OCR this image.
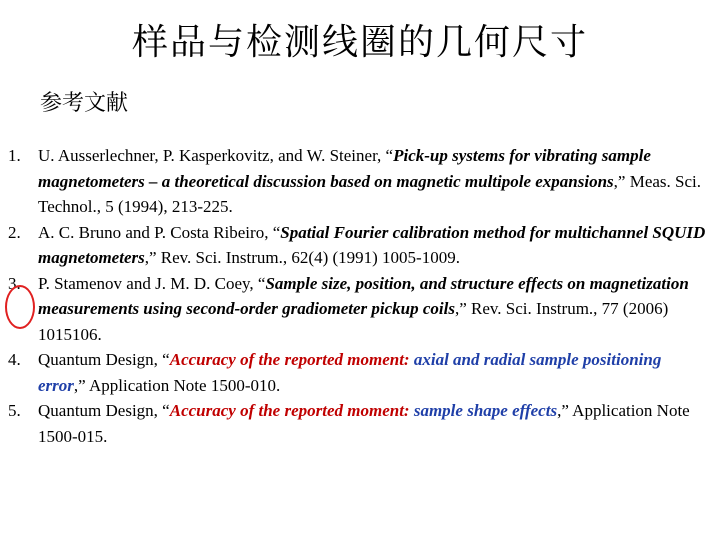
样品与检测线圈的几何尺寸
参考文献
1. U. Ausserlechner, P. Kasperkovitz, and W. Steiner, “Pick-up systems for vibrating sample magnetometers – a theoretical discussion based on magnetic multipole expansions,” Meas. Sci. Technol., 5 (1994), 213-225.
2. A. C. Bruno and P. Costa Ribeiro, “Spatial Fourier calibration method for multichannel SQUID magnetometers,” Rev. Sci. Instrum., 62(4) (1991) 1005-1009.
3. P. Stamenov and J. M. D. Coey, “Sample size, position, and structure effects on magnetization measurements using second-order gradiometer pickup coils,” Rev. Sci. Instrum., 77 (2006) 1015106.
4. Quantum Design, “Accuracy of the reported moment: axial and radial sample positioning error,” Application Note 1500-010.
5. Quantum Design, “Accuracy of the reported moment: sample shape effects,” Application Note 1500-015.
